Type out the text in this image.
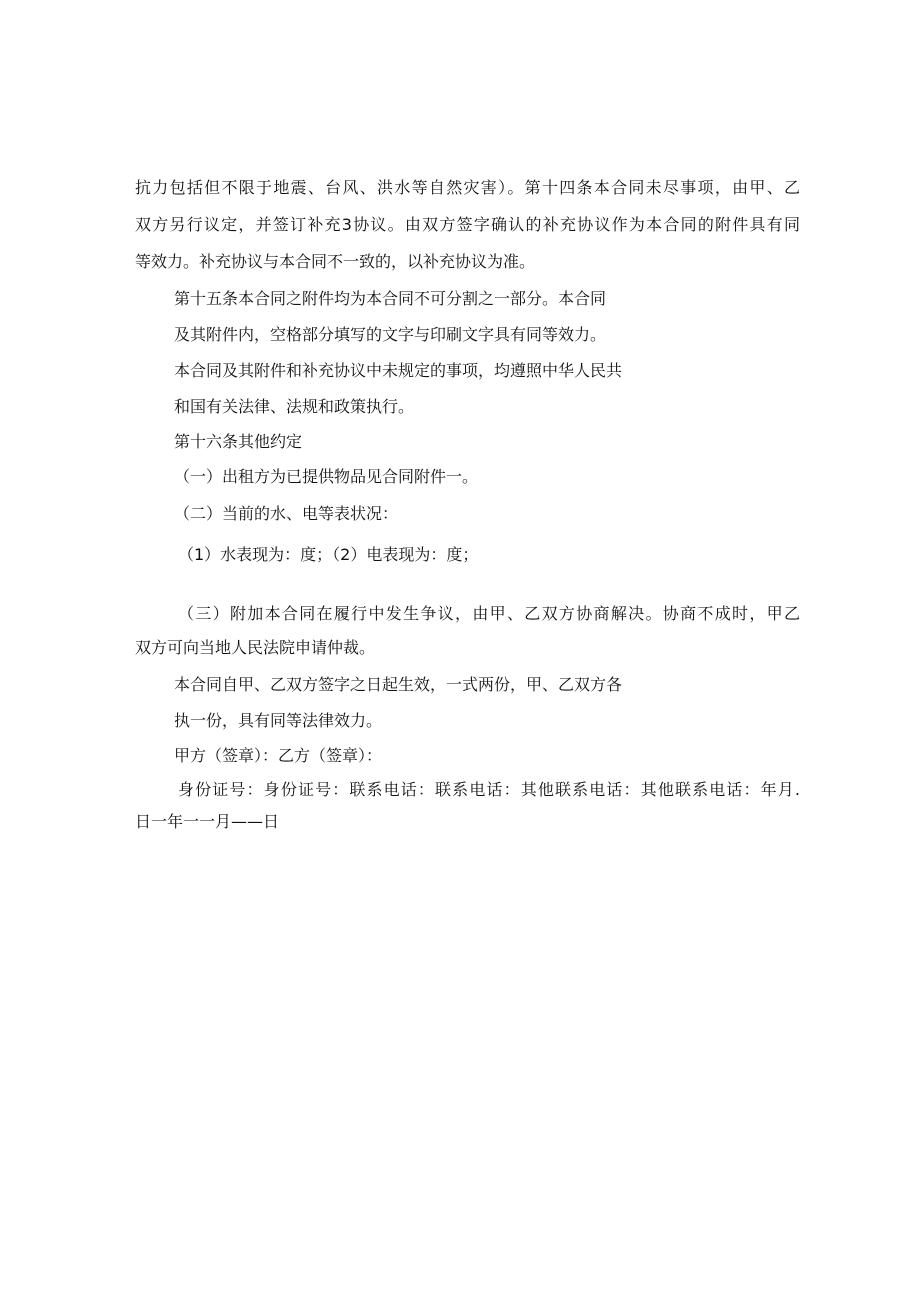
抗力包括但不限于地震、台风、洪水等自然灾害）。第十四条本合同未尽事项，由甲、乙
双方另行议定，并签订补充3协议。由双方签字确认的补充协议作为本合同的附件具有同
等效力。补充协议与本合同不一致的，以补充协议为准。
第十五条本合同之附件均为本合同不可分割之一部分。本合同
及其附件内，空格部分填写的文字与印刷文字具有同等效力。
本合同及其附件和补充协议中未规定的事项，均遵照中华人民共
和国有关法律、法规和政策执行。
第十六条其他约定
（一）出租方为已提供物品见合同附件一。
（二）当前的水、电等表状况：
（1）水表现为：度；（2）电表现为：度；
（三）附加本合同在履行中发生争议，由甲、乙双方协商解决。协商不成时，甲乙
双方可向当地人民法院申请仲裁。
本合同自甲、乙双方签字之日起生效，一式两份，甲、乙双方各
执一份，具有同等法律效力。
甲方（签章）：乙方（签章）：
身份证号：身份证号：联系电话：联系电话：其他联系电话：其他联系电话：年月.
日一年一一月——日
